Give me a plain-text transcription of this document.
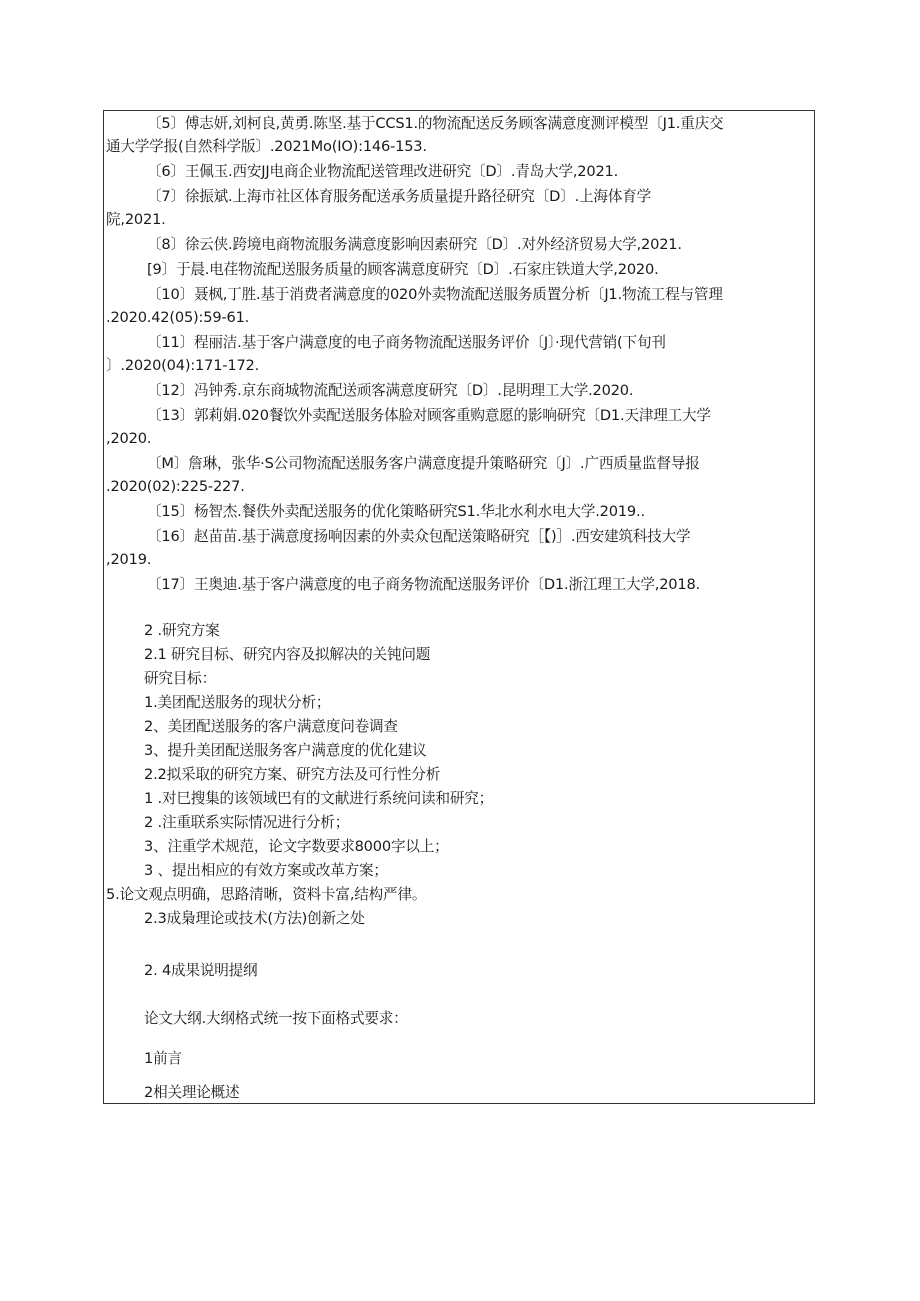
〔5〕傅志妍,刘柯良,黄勇.陈坚.基于CCS1.的物流配送反务顾客满意度测评模型〔J1.重庆交
通大学学报(自然科学版〕.2021Mo(IO):146-153.
〔6〕王佩玉.西安JJ电商企业物流配送管理改进研究〔D〕.青岛大学,2021.
〔7〕徐振斌.上海市社区体育服务配送承务质量提升路径研究〔D〕.上海体育学
院,2021.
〔8〕徐云侠.跨境电商物流服务满意度影响因素研究〔D〕.对外经济贸易大学,2021.
[9〕于晨.电荏物流配送服务质量的顾客满意度研究〔D〕.石家庄铁道大学,2020.
〔10〕聂枫,丁胜.基于消费者满意度的020外卖物流配送服务质置分析〔J1.物流工程与管理
.2020.42(05):59-61.
〔11〕程丽洁.基于客户满意度的电子商务物流配送服务评价〔J〕·现代营销(下旬刊
〕.2020(04):171-172.
〔12〕冯钟秀.京东商城物流配送顽客满意度研究〔D〕.昆明理工大学.2020.
〔13〕郭莉娟.020餐饮外卖配送服务体脸对顾客重购意愿的影响研究〔D1.天津理工大学
,2020.
〔M〕詹琳，张华·S公司物流配送服务客户满意度提升策略研究〔J〕.广西质量监督导报
.2020(02):225-227.
〔15〕杨智杰.餐佚外卖配送服务的优化策略研究S1.华北水利水电大学.2019..
〔16〕赵苗苗.基于满意度扬响因素的外卖众包配送策略研究［【)］.西安建筑科技大学
,2019.
〔17〕王奥迪.基于客户满意度的电子商务物流配送服务评价〔D1.浙江理工大学,2018.
2 .研究方案
2.1 研究目标、研究内容及拟解决的关钝问题
研究目标：
1.美团配送服务的现状分析；
2、美团配送服务的客户满意度问卷调查
3、提升美团配送服务客户满意度的优化建议
2.2拟采取的研究方案、研究方法及可行性分析
1 .对巳搜集的该领域巴有的文献进行系统问读和研究；
2 .注重联系实际情况进行分析；
3、注重学术规范，论文字数要求8000字以上；
3 、提出相应的有效方案或改革方案；
5.论文观点明确，思路清晰，资料卡富,结构严律。
2.3成梟理论或技术(方法)创新之处
2. 4成果说明提纲
论文大纲.大纲格式统一按下面格式要求：
1前言
2相关理论概述
